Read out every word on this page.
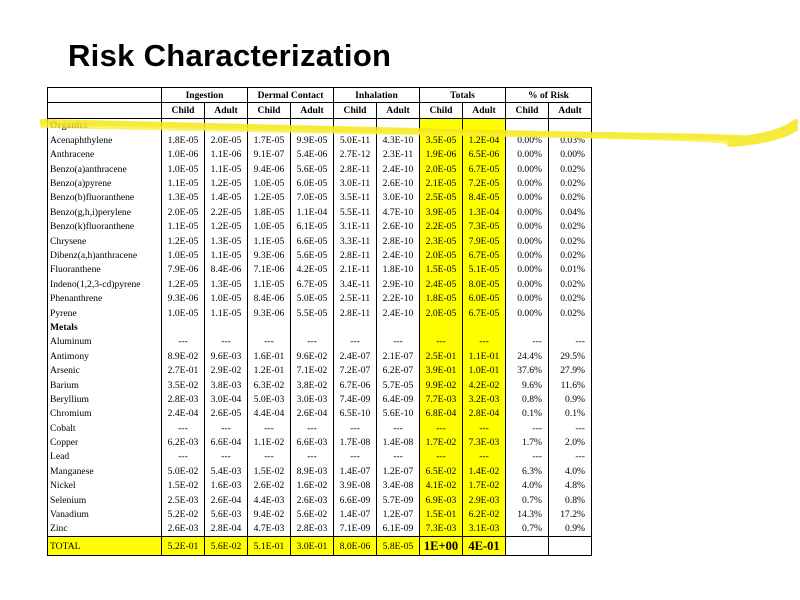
Risk Characterization
	Ingestion		Dermal Contact		Inhalation		Totals		% of Risk	
	Child	Adult	Child	Adult	Child	Adult	Child	Adult	Child	Adult
Organics										
Acenaphthylene	1.8E-05	2.0E-05	1.7E-05	9.9E-05	5.0E-11	4.3E-10	3.5E-05	1.2E-04	0.00%	0.03%
Anthracene	1.0E-06	1.1E-06	9.1E-07	5.4E-06	2.7E-12	2.3E-11	1.9E-06	6.5E-06	0.00%	0.00%
Benzo(a)anthracene	1.0E-05	1.1E-05	9.4E-06	5.6E-05	2.8E-11	2.4E-10	2.0E-05	6.7E-05	0.00%	0.02%
Benzo(a)pyrene	1.1E-05	1.2E-05	1.0E-05	6.0E-05	3.0E-11	2.6E-10	2.1E-05	7.2E-05	0.00%	0.02%
Benzo(b)fluoranthene	1.3E-05	1.4E-05	1.2E-05	7.0E-05	3.5E-11	3.0E-10	2.5E-05	8.4E-05	0.00%	0.02%
Benzo(g,h,i)perylene	2.0E-05	2.2E-05	1.8E-05	1.1E-04	5.5E-11	4.7E-10	3.9E-05	1.3E-04	0.00%	0.04%
Benzo(k)fluoranthene	1.1E-05	1.2E-05	1.0E-05	6.1E-05	3.1E-11	2.6E-10	2.2E-05	7.3E-05	0.00%	0.02%
Chrysene	1.2E-05	1.3E-05	1.1E-05	6.6E-05	3.3E-11	2.8E-10	2.3E-05	7.9E-05	0.00%	0.02%
Dibenz(a,h)anthracene	1.0E-05	1.1E-05	9.3E-06	5.6E-05	2.8E-11	2.4E-10	2.0E-05	6.7E-05	0.00%	0.02%
Fluoranthene	7.9E-06	8.4E-06	7.1E-06	4.2E-05	2.1E-11	1.8E-10	1.5E-05	5.1E-05	0.00%	0.01%
Indeno(1,2,3-cd)pyrene	1.2E-05	1.3E-05	1.1E-05	6.7E-05	3.4E-11	2.9E-10	2.4E-05	8.0E-05	0.00%	0.02%
Phenanthrene	9.3E-06	1.0E-05	8.4E-06	5.0E-05	2.5E-11	2.2E-10	1.8E-05	6.0E-05	0.00%	0.02%
Pyrene	1.0E-05	1.1E-05	9.3E-06	5.5E-05	2.8E-11	2.4E-10	2.0E-05	6.7E-05	0.00%	0.02%
Metals										
Aluminum	---	---	---	---	---	---	---	---	---	---
Antimony	8.9E-02	9.6E-03	1.6E-01	9.6E-02	2.4E-07	2.1E-07	2.5E-01	1.1E-01	24.4%	29.5%
Arsenic	2.7E-01	2.9E-02	1.2E-01	7.1E-02	7.2E-07	6.2E-07	3.9E-01	1.0E-01	37.6%	27.9%
Barium	3.5E-02	3.8E-03	6.3E-02	3.8E-02	6.7E-06	5.7E-05	9.9E-02	4.2E-02	9.6%	11.6%
Beryllium	2.8E-03	3.0E-04	5.0E-03	3.0E-03	7.4E-09	6.4E-09	7.7E-03	3.2E-03	0.8%	0.9%
Chromium	2.4E-04	2.6E-05	4.4E-04	2.6E-04	6.5E-10	5.6E-10	6.8E-04	2.8E-04	0.1%	0.1%
Cobalt	---	---	---	---	---	---	---	---	---	---
Copper	6.2E-03	6.6E-04	1.1E-02	6.6E-03	1.7E-08	1.4E-08	1.7E-02	7.3E-03	1.7%	2.0%
Lead	---	---	---	---	---	---	---	---	---	---
Manganese	5.0E-02	5.4E-03	1.5E-02	8.9E-03	1.4E-07	1.2E-07	6.5E-02	1.4E-02	6.3%	4.0%
Nickel	1.5E-02	1.6E-03	2.6E-02	1.6E-02	3.9E-08	3.4E-08	4.1E-02	1.7E-02	4.0%	4.8%
Selenium	2.5E-03	2.6E-04	4.4E-03	2.6E-03	6.6E-09	5.7E-09	6.9E-03	2.9E-03	0.7%	0.8%
Vanadium	5.2E-02	5.6E-03	9.4E-02	5.6E-02	1.4E-07	1.2E-07	1.5E-01	6.2E-02	14.3%	17.2%
Zinc	2.6E-03	2.8E-04	4.7E-03	2.8E-03	7.1E-09	6.1E-09	7.3E-03	3.1E-03	0.7%	0.9%
TOTAL	5.2E-01	5.6E-02	5.1E-01	3.0E-01	8.0E-06	5.8E-05	1E+00	4E-01		
